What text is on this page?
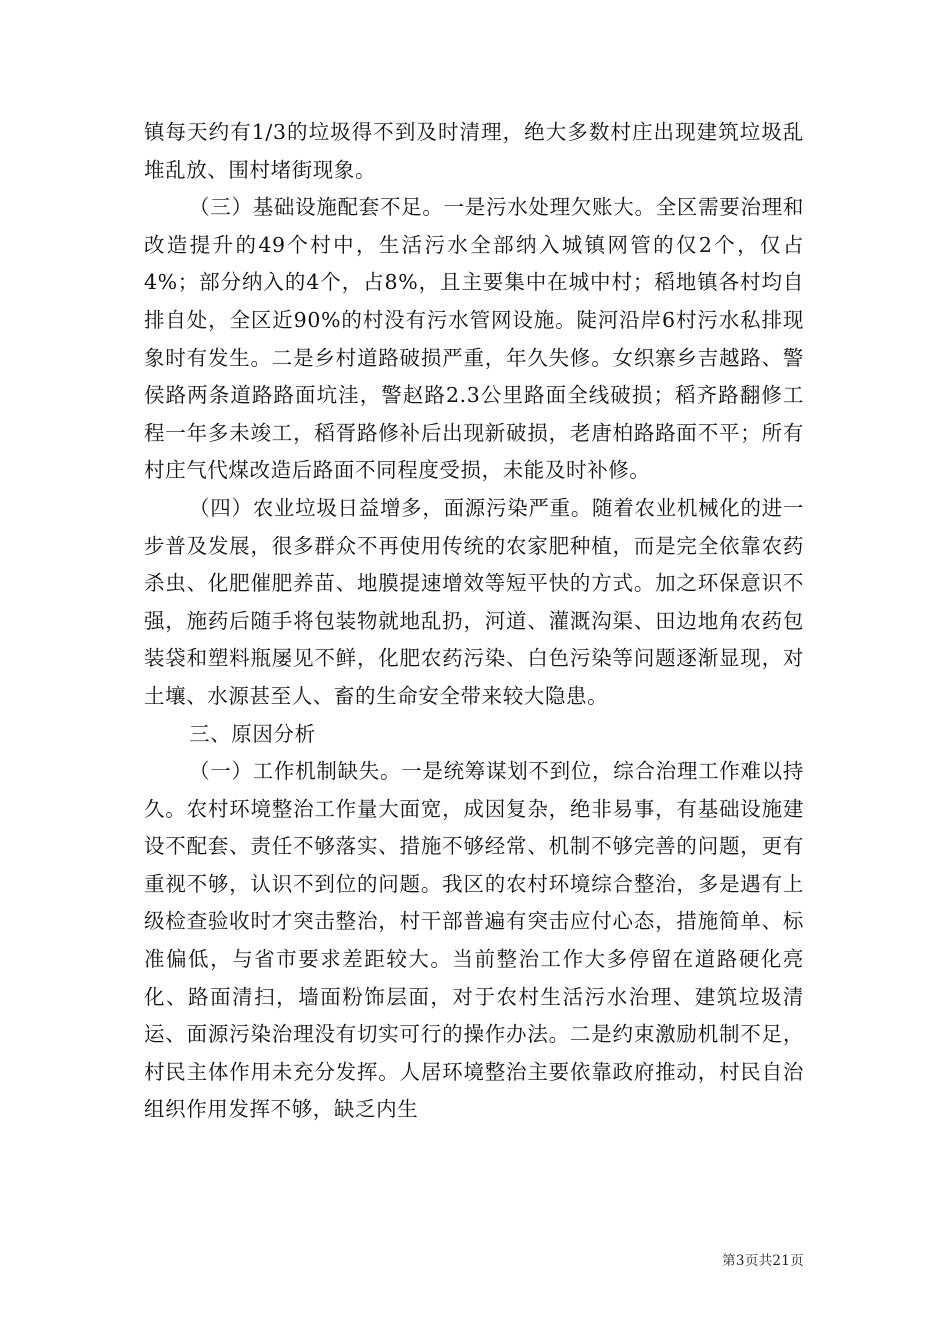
镇每天约有1/3的垃圾得不到及时清理，绝大多数村庄出现建筑垃圾乱堆乱放、围村堵街现象。

（三）基础设施配套不足。一是污水处理欠账大。全区需要治理和改造提升的49个村中，生活污水全部纳入城镇网管的仅2个，仅占4%；部分纳入的4个，占8%，且主要集中在城中村；稻地镇各村均自排自处，全区近90%的村没有污水管网设施。陡河沿岸6村污水私排现象时有发生。二是乡村道路破损严重，年久失修。女织寨乡吉越路、警侯路两条道路路面坑洼，警赵路2.3公里路面全线破损；稻齐路翻修工程一年多未竣工，稻胥路修补后出现新破损，老唐柏路路面不平；所有村庄气代煤改造后路面不同程度受损，未能及时补修。

（四）农业垃圾日益增多，面源污染严重。随着农业机械化的进一步普及发展，很多群众不再使用传统的农家肥种植，而是完全依靠农药杀虫、化肥催肥养苗、地膜提速增效等短平快的方式。加之环保意识不强，施药后随手将包装物就地乱扔，河道、灌溉沟渠、田边地角农药包装袋和塑料瓶屡见不鲜，化肥农药污染、白色污染等问题逐渐显现，对土壤、水源甚至人、畜的生命安全带来较大隐患。

三、原因分析

（一）工作机制缺失。一是统筹谋划不到位，综合治理工作难以持久。农村环境整治工作量大面宽，成因复杂，绝非易事，有基础设施建设不配套、责任不够落实、措施不够经常、机制不够完善的问题，更有重视不够，认识不到位的问题。我区的农村环境综合整治，多是遇有上级检查验收时才突击整治，村干部普遍有突击应付心态，措施简单、标准偏低，与省市要求差距较大。当前整治工作大多停留在道路硬化亮化、路面清扫，墙面粉饰层面，对于农村生活污水治理、建筑垃圾清运、面源污染治理没有切实可行的操作办法。二是约束激励机制不足，村民主体作用未充分发挥。人居环境整治主要依靠政府推动，村民自治组织作用发挥不够，缺乏内生

第3页共21页
